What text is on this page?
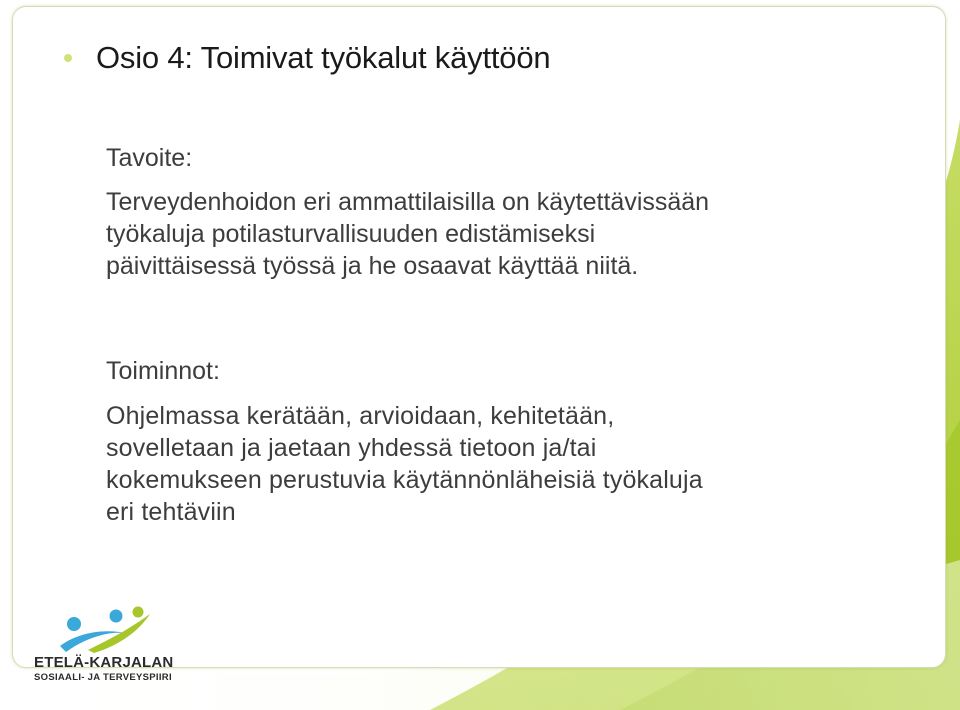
Osio 4: Toimivat työkalut käyttöön
Tavoite:
Terveydenhoidon eri ammattilaisilla on käytettävissään
työkaluja potilasturvallisuuden edistämiseksi
päivittäisessä työssä ja he osaavat käyttää niitä.
Toiminnot:
Ohjelmassa kerätään, arvioidaan, kehitetään,
sovelletaan ja jaetaan yhdessä tietoon ja/tai
kokemukseen perustuvia käytännönläheisiä työkaluja
eri tehtäviin
ETELÄ-KARJALAN
SOSIAALI- JA TERVEYSPIIRI
